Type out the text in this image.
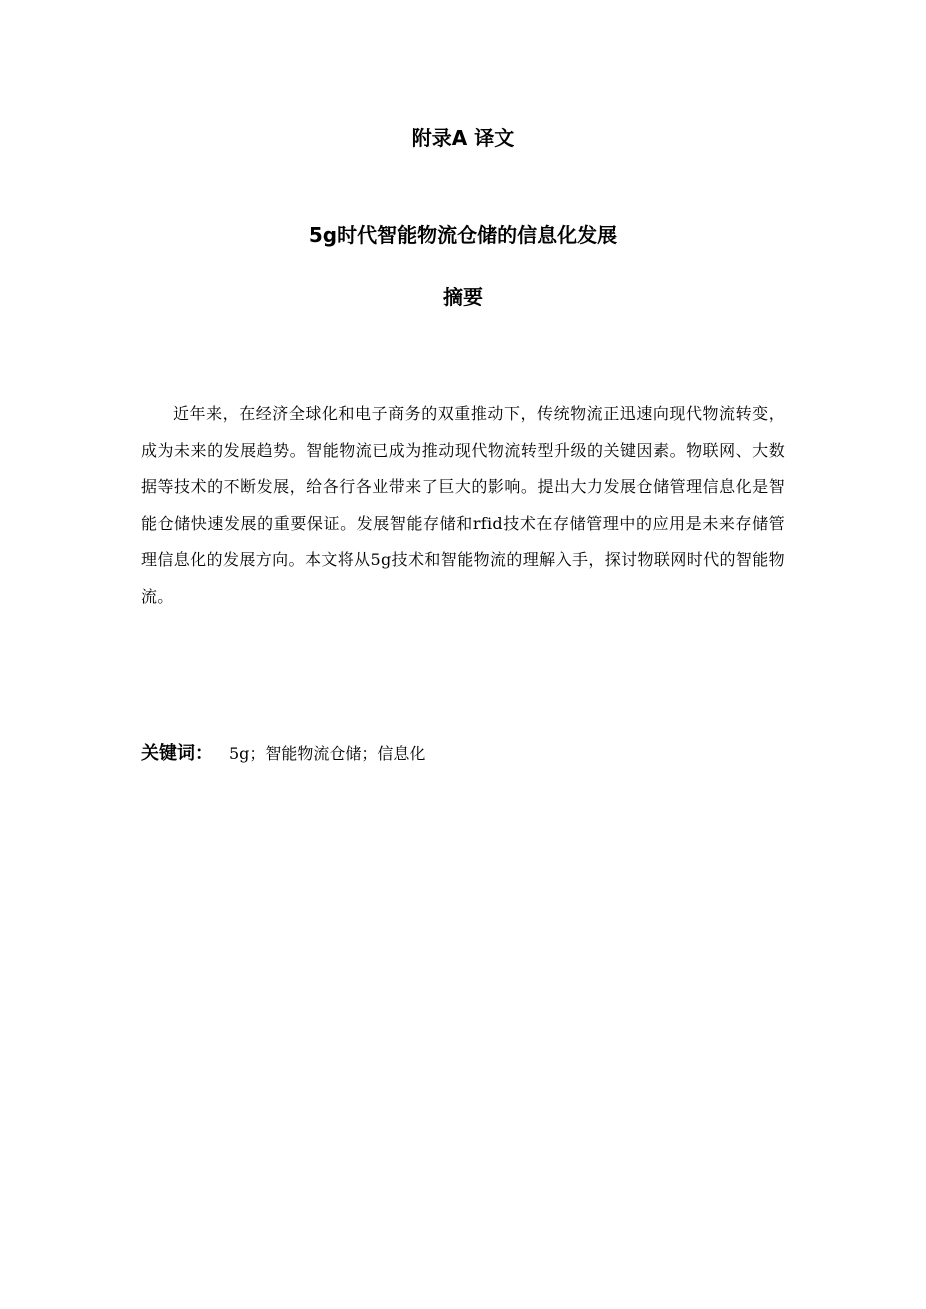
附录A 译文
5g时代智能物流仓储的信息化发展
摘要

近年来，在经济全球化和电子商务的双重推动下，传统物流正迅速向现代物流转变，成为未来的发展趋势。智能物流已成为推动现代物流转型升级的关键因素。物联网、大数据等技术的不断发展，给各行各业带来了巨大的影响。提出大力发展仓储管理信息化是智能仓储快速发展的重要保证。发展智能存储和rfid技术在存储管理中的应用是未来存储管理信息化的发展方向。本文将从5g技术和智能物流的理解入手，探讨物联网时代的智能物流。

关键词： 5g；智能物流仓储；信息化
